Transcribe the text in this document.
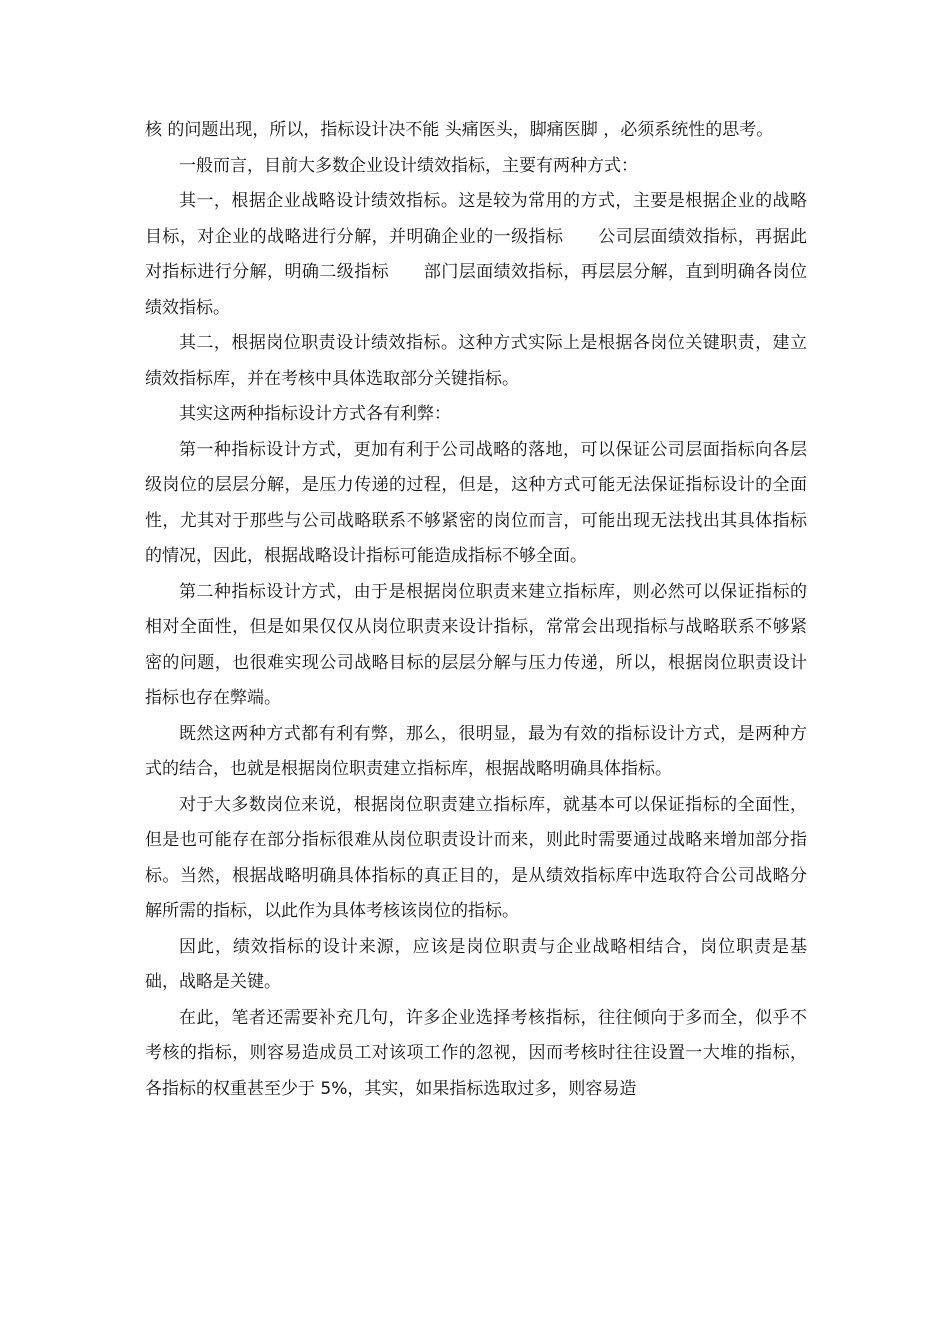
核 的问题出现，所以，指标设计决不能 头痛医头，脚痛医脚 ，必须系统性的思考。

一般而言，目前大多数企业设计绩效指标，主要有两种方式：

其一，根据企业战略设计绩效指标。这是较为常用的方式，主要是根据企业的战略目标，对企业的战略进行分解，并明确企业的一级指标　　公司层面绩效指标，再据此对指标进行分解，明确二级指标　　部门层面绩效指标，再层层分解，直到明确各岗位绩效指标。

其二，根据岗位职责设计绩效指标。这种方式实际上是根据各岗位关键职责，建立绩效指标库，并在考核中具体选取部分关键指标。

其实这两种指标设计方式各有利弊：

第一种指标设计方式，更加有利于公司战略的落地，可以保证公司层面指标向各层级岗位的层层分解，是压力传递的过程，但是，这种方式可能无法保证指标设计的全面性，尤其对于那些与公司战略联系不够紧密的岗位而言，可能出现无法找出其具体指标的情况，因此，根据战略设计指标可能造成指标不够全面。

第二种指标设计方式，由于是根据岗位职责来建立指标库，则必然可以保证指标的相对全面性，但是如果仅仅从岗位职责来设计指标，常常会出现指标与战略联系不够紧密的问题，也很难实现公司战略目标的层层分解与压力传递，所以，根据岗位职责设计指标也存在弊端。

既然这两种方式都有利有弊，那么，很明显，最为有效的指标设计方式，是两种方式的结合，也就是根据岗位职责建立指标库，根据战略明确具体指标。

对于大多数岗位来说，根据岗位职责建立指标库，就基本可以保证指标的全面性，但是也可能存在部分指标很难从岗位职责设计而来，则此时需要通过战略来增加部分指标。当然，根据战略明确具体指标的真正目的，是从绩效指标库中选取符合公司战略分解所需的指标，以此作为具体考核该岗位的指标。

因此，绩效指标的设计来源，应该是岗位职责与企业战略相结合，岗位职责是基础，战略是关键。

在此，笔者还需要补充几句，许多企业选择考核指标，往往倾向于多而全，似乎不考核的指标，则容易造成员工对该项工作的忽视，因而考核时往往设置一大堆的指标，各指标的权重甚至少于 5%，其实，如果指标选取过多，则容易造
